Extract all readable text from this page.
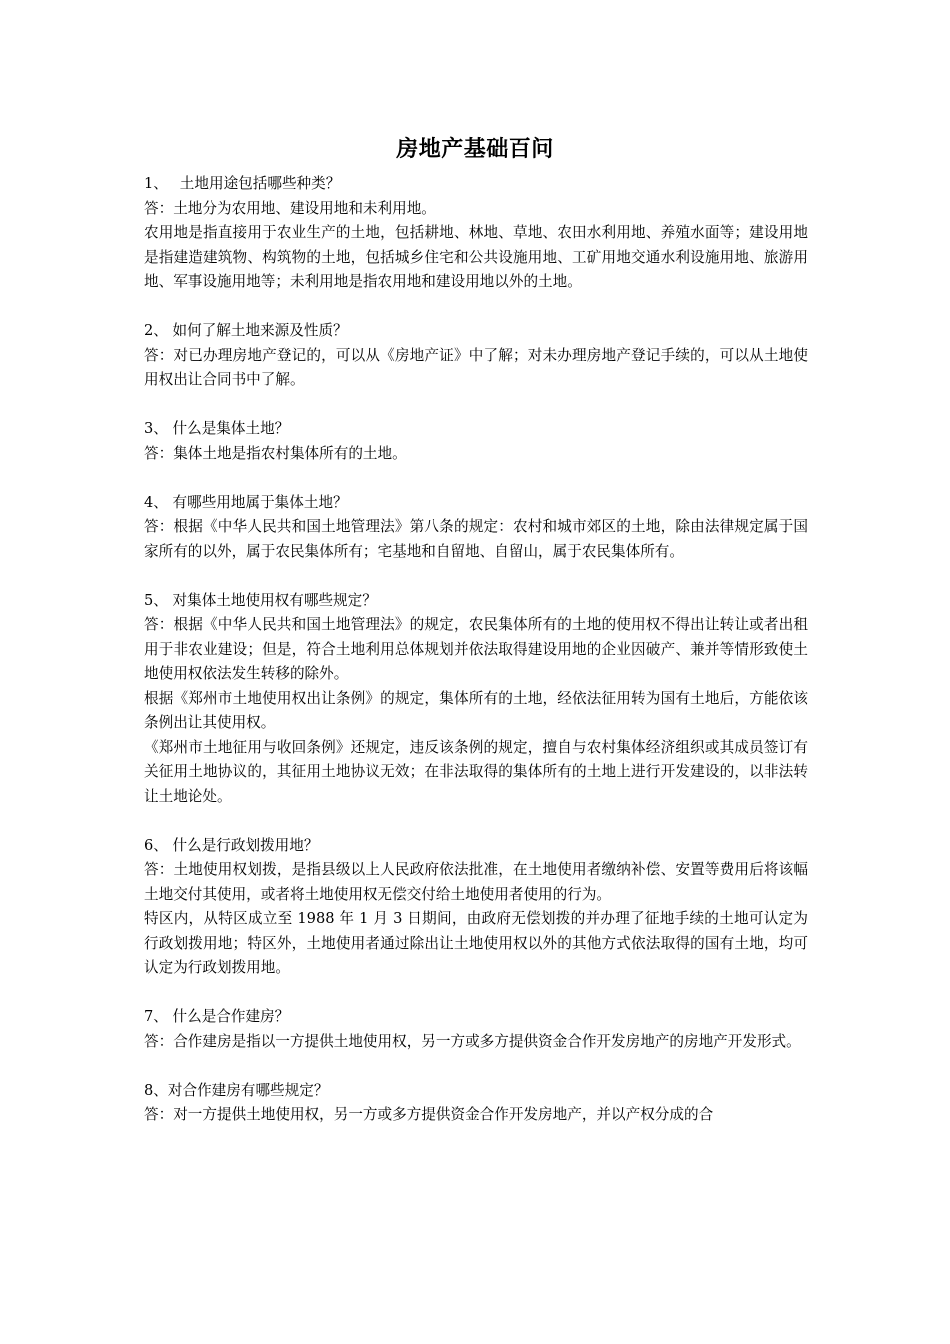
房地产基础百问

1、　 土地用途包括哪些种类？

答：土地分为农用地、建设用地和未利用地。

农用地是指直接用于农业生产的土地，包括耕地、林地、草地、农田水利用地、养殖水面等；建设用地是指建造建筑物、构筑物的土地，包括城乡住宅和公共设施用地、工矿用地交通水利设施用地、旅游用地、军事设施用地等；未利用地是指农用地和建设用地以外的土地。

2、 如何了解土地来源及性质？

答：对已办理房地产登记的，可以从《房地产证》中了解；对未办理房地产登记手续的，可以从土地使用权出让合同书中了解。

3、 什么是集体土地？

答：集体土地是指农村集体所有的土地。

4、 有哪些用地属于集体土地？

答：根据《中华人民共和国土地管理法》第八条的规定：农村和城市郊区的土地，除由法律规定属于国家所有的以外，属于农民集体所有；宅基地和自留地、自留山，属于农民集体所有。

5、 对集体土地使用权有哪些规定？

答：根据《中华人民共和国土地管理法》的规定，农民集体所有的土地的使用权不得出让转让或者出租用于非农业建设；但是，符合土地利用总体规划并依法取得建设用地的企业因破产、兼并等情形致使土地使用权依法发生转移的除外。

根据《郑州市土地使用权出让条例》的规定，集体所有的土地，经依法征用转为国有土地后，方能依该条例出让其使用权。

《郑州市土地征用与收回条例》还规定，违反该条例的规定，擅自与农村集体经济组织或其成员签订有关征用土地协议的，其征用土地协议无效；在非法取得的集体所有的土地上进行开发建设的，以非法转让土地论处。

6、 什么是行政划拨用地？

答：土地使用权划拨，是指县级以上人民政府依法批准，在土地使用者缴纳补偿、安置等费用后将该幅土地交付其使用，或者将土地使用权无偿交付给土地使用者使用的行为。

特区内，从特区成立至 1988 年 1 月 3 日期间，由政府无偿划拨的并办理了征地手续的土地可认定为行政划拨用地；特区外，土地使用者通过除出让土地使用权以外的其他方式依法取得的国有土地，均可认定为行政划拨用地。

7、 什么是合作建房？

答：合作建房是指以一方提供土地使用权，另一方或多方提供资金合作开发房地产的房地产开发形式。

8、对合作建房有哪些规定？

答：对一方提供土地使用权，另一方或多方提供资金合作开发房地产，并以产权分成的合
